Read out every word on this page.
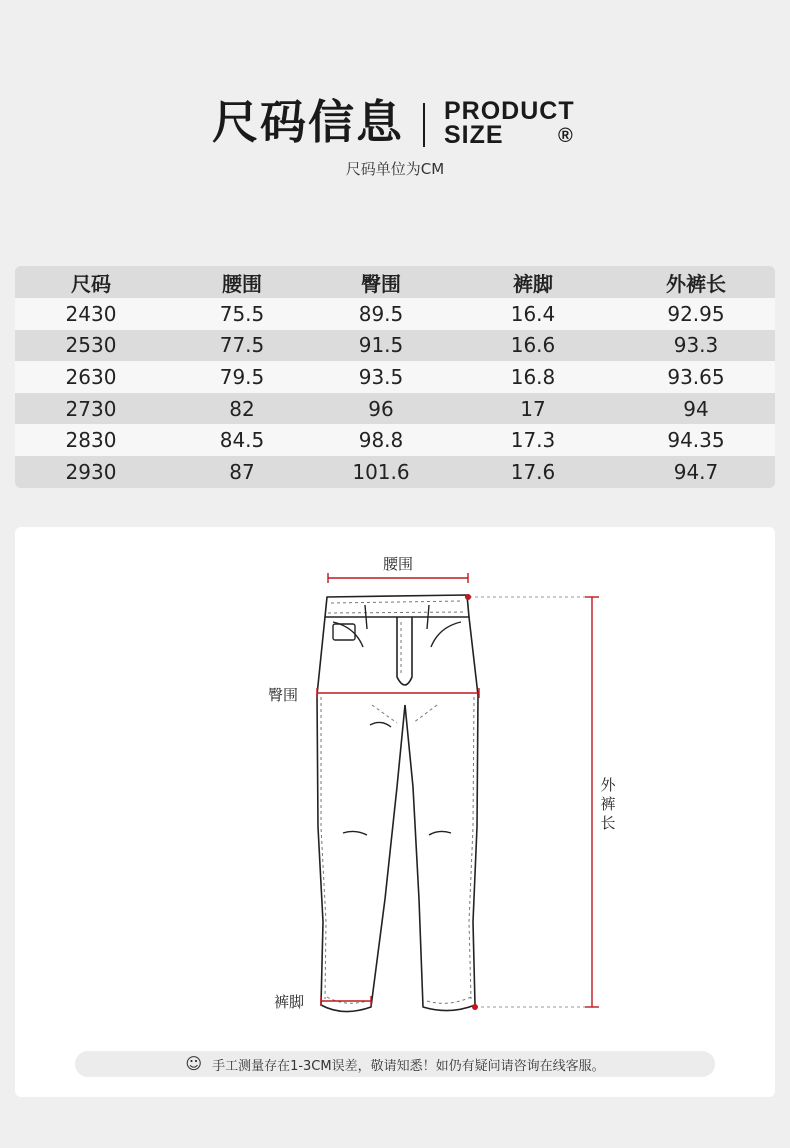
尺码信息 PRODUCT
SIZE	®
尺码单位为CM
尺码	腰围	臀围	裤脚	外裤长
2430	75.5	89.5	16.4	92.95
2530	77.5	91.5	16.6	93.3
2630	79.5	93.5	16.8	93.65
2730	82	96	17	94
2830	84.5	98.8	17.3	94.35
2930	87	101.6	17.6	94.7
腰围
臀围
裤脚
外
裤
长
☺ 手工测量存在1-3CM误差，敬请知悉！如仍有疑问请咨询在线客服。
